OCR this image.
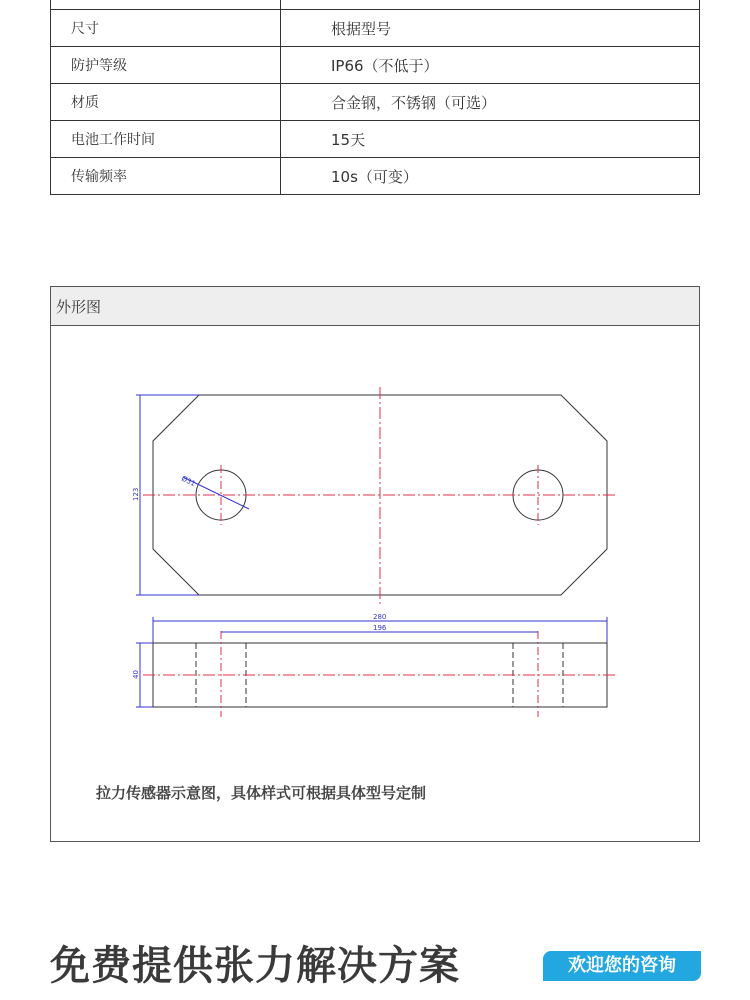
尺寸	根据型号
防护等级	IP66（不低于）
材质	合金钢，不锈钢（可选）
电池工作时间	15天
传输频率	10s（可变）
外形图
Ø31
123
280
196
40
拉力传感器示意图，具体样式可根据具体型号定制
免费提供张力解决方案	欢迎您的咨询
